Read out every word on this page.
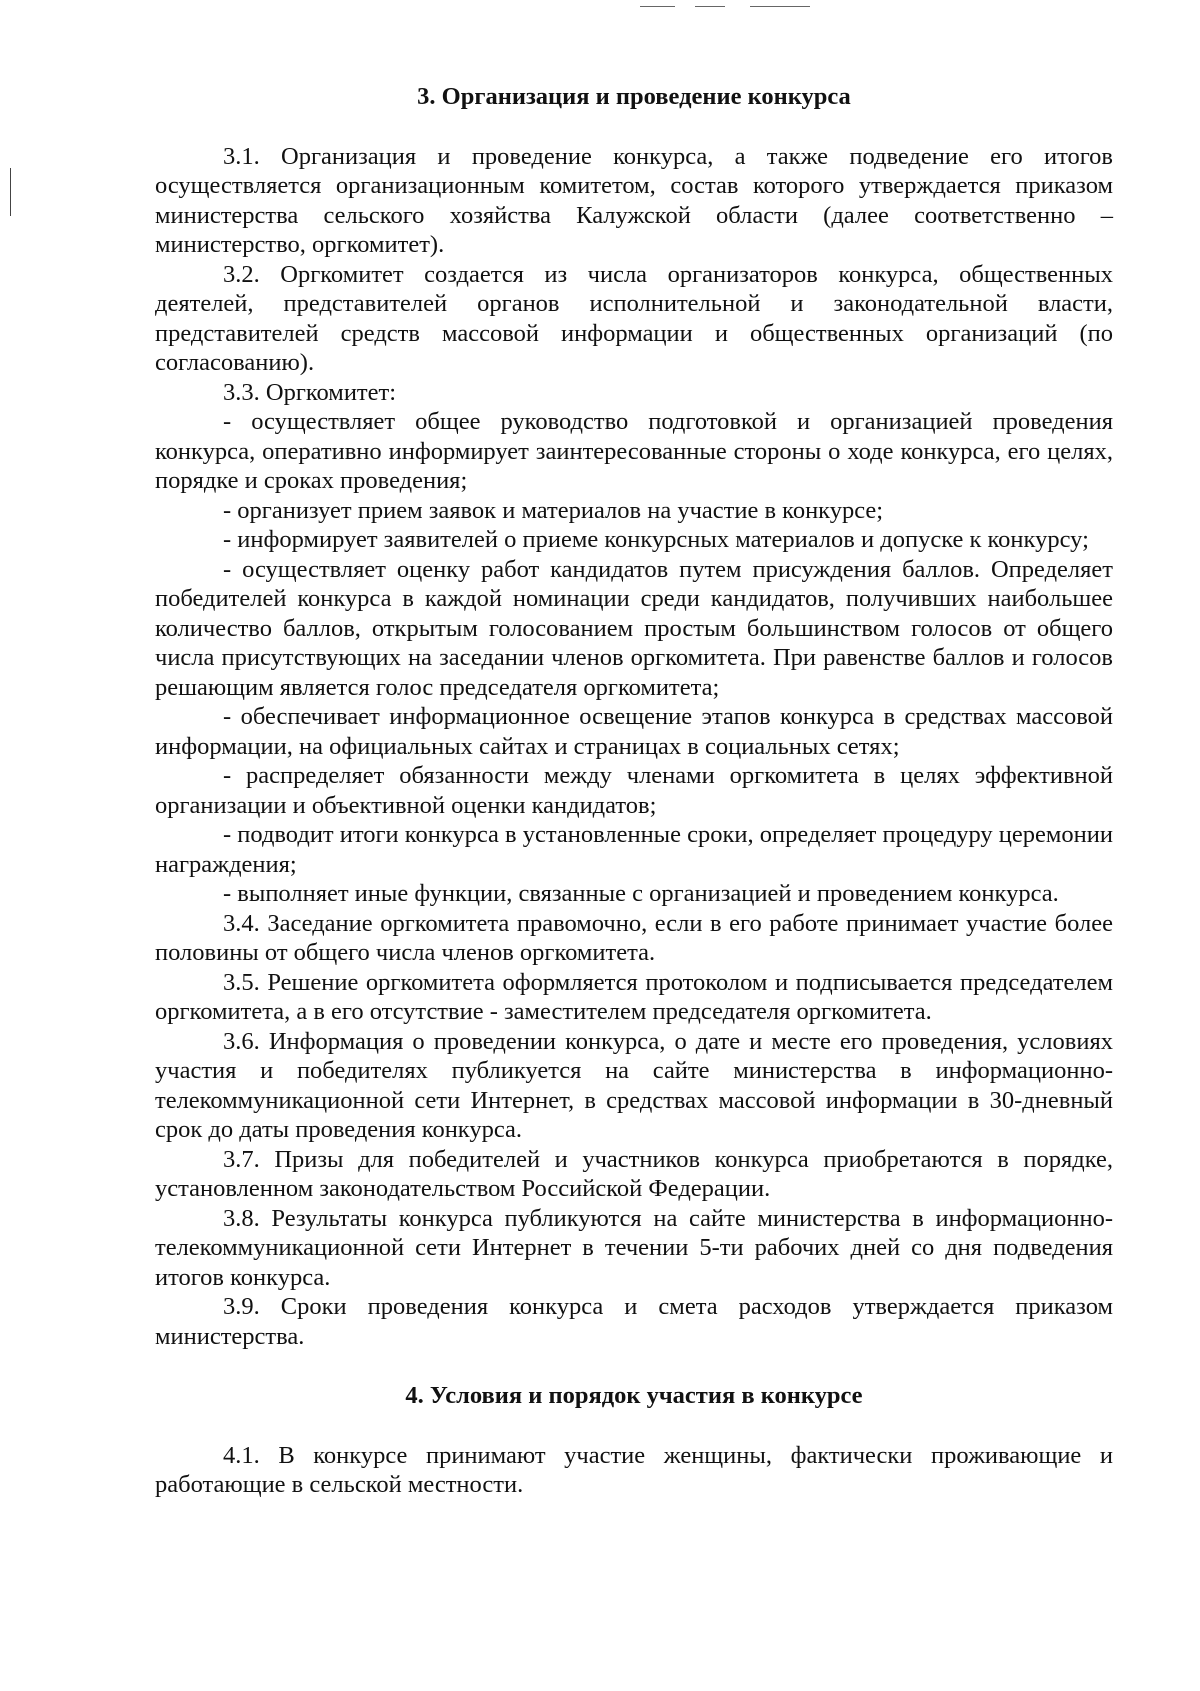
3. Организация и проведение конкурса

3.1. Организация и проведение конкурса, а также подведение его итогов осуществляется организационным комитетом, состав которого утверждается приказом министерства сельского хозяйства Калужской области (далее соответственно – министерство, оргкомитет).

3.2. Оргкомитет создается из числа организаторов конкурса, общественных деятелей, представителей органов исполнительной и законодательной власти, представителей средств массовой информации и общественных организаций (по согласованию).

3.3. Оргкомитет:

- осуществляет общее руководство подготовкой и организацией проведения конкурса, оперативно информирует заинтересованные стороны о ходе конкурса, его целях, порядке и сроках проведения;

- организует прием заявок и материалов на участие в конкурсе;

- информирует заявителей о приеме конкурсных материалов и допуске к конкурсу;

- осуществляет оценку работ кандидатов путем присуждения баллов. Определяет победителей конкурса в каждой номинации среди кандидатов, получивших наибольшее количество баллов, открытым голосованием простым большинством голосов от общего числа присутствующих на заседании членов оргкомитета. При равенстве баллов и голосов решающим является голос председателя оргкомитета;

- обеспечивает информационное освещение этапов конкурса в средствах массовой информации, на официальных сайтах и страницах в социальных сетях;

- распределяет обязанности между членами оргкомитета в целях эффективной организации и объективной оценки кандидатов;

- подводит итоги конкурса в установленные сроки, определяет процедуру церемонии награждения;

- выполняет иные функции, связанные с организацией и проведением конкурса.

3.4. Заседание оргкомитета правомочно, если в его работе принимает участие более половины от общего числа членов оргкомитета.

3.5. Решение оргкомитета оформляется протоколом и подписывается председателем оргкомитета, а в его отсутствие - заместителем председателя оргкомитета.

3.6. Информация о проведении конкурса, о дате и месте его проведения, условиях участия и победителях публикуется на сайте министерства в информационно-телекоммуникационной сети Интернет, в средствах массовой информации в 30-дневный срок до даты проведения конкурса.

3.7. Призы для победителей и участников конкурса приобретаются в порядке, установленном законодательством Российской Федерации.

3.8. Результаты конкурса публикуются на сайте министерства в информационно-телекоммуникационной сети Интернет в течении 5-ти рабочих дней со дня подведения итогов конкурса.

3.9. Сроки проведения конкурса и смета расходов утверждается приказом министерства.

4. Условия и порядок участия в конкурсе

4.1. В конкурсе принимают участие женщины, фактически проживающие и работающие в сельской местности.
